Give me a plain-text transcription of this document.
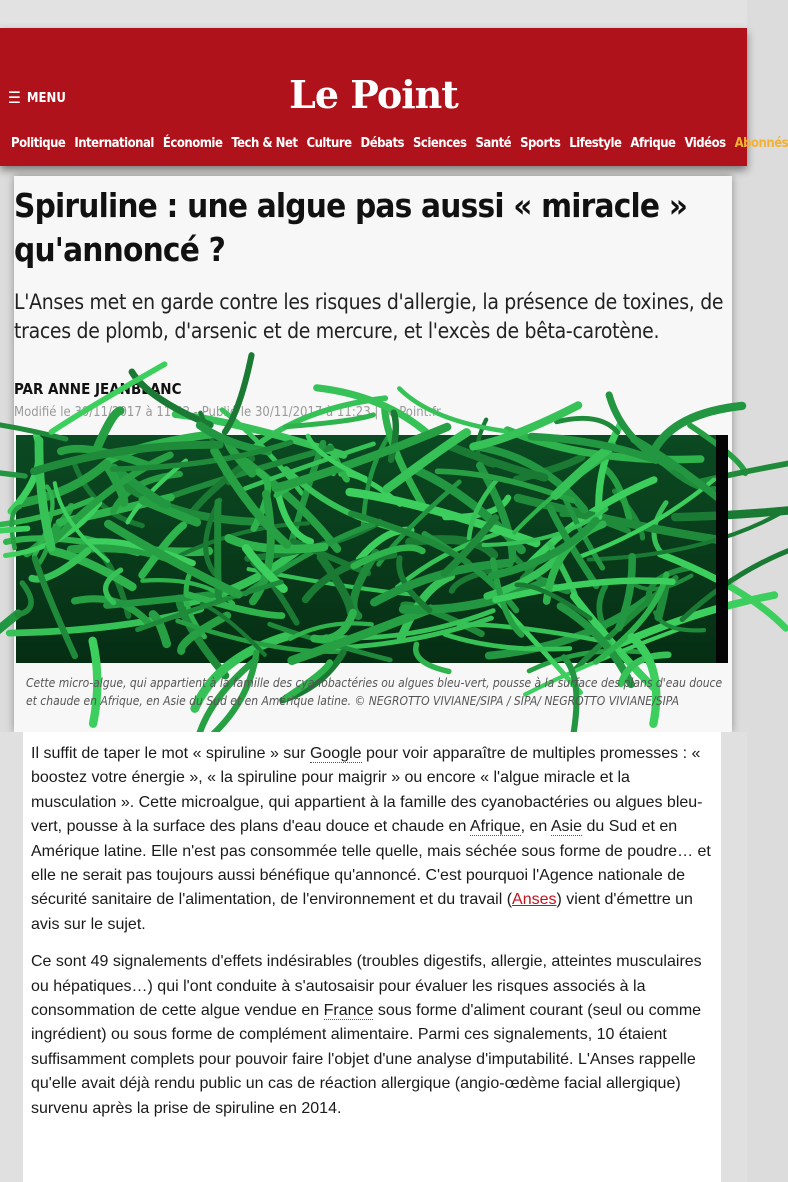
☰ MENU	Le Point
Politique International Économie Tech & Net Culture Débats Sciences Santé Sports Lifestyle Afrique Vidéos Abonnés
Spiruline : une algue pas aussi « miracle » qu'annoncé ?

L'Anses met en garde contre les risques d'allergie, la présence de toxines, de traces de plomb, d'arsenic et de mercure, et l'excès de bêta-carotène.

PAR ANNE JEANBLANC
Modifié le 30/11/2017 à 11:42 - Publié le 30/11/2017 à 11:23 | Le Point.fr

Cette micro-algue, qui appartient à la famille des cyanobactéries ou algues bleu-vert, pousse à la surface des plans d'eau douce et chaude en Afrique, en Asie du Sud et en Amérique latine. © NEGROTTO VIVIANE/SIPA / SIPA/ NEGROTTO VIVIANE/SIPA

Il suffit de taper le mot « spiruline » sur Google pour voir apparaître de multiples promesses : « boostez votre énergie », « la spiruline pour maigrir » ou encore « l'algue miracle et la musculation ». Cette microalgue, qui appartient à la famille des cyanobactéries ou algues bleu-vert, pousse à la surface des plans d'eau douce et chaude en Afrique, en Asie du Sud et en Amérique latine. Elle n'est pas consommée telle quelle, mais séchée sous forme de poudre… et elle ne serait pas toujours aussi bénéfique qu'annoncé. C'est pourquoi l'Agence nationale de sécurité sanitaire de l'alimentation, de l'environnement et du travail (Anses) vient d'émettre un avis sur le sujet.

Ce sont 49 signalements d'effets indésirables (troubles digestifs, allergie, atteintes musculaires ou hépatiques…) qui l'ont conduite à s'autosaisir pour évaluer les risques associés à la consommation de cette algue vendue en France sous forme d'aliment courant (seul ou comme ingrédient) ou sous forme de complément alimentaire. Parmi ces signalements, 10 étaient suffisamment complets pour pouvoir faire l'objet d'une analyse d'imputabilité. L'Anses rappelle qu'elle avait déjà rendu public un cas de réaction allergique (angio-œdème facial allergique) survenu après la prise de spiruline en 2014.
